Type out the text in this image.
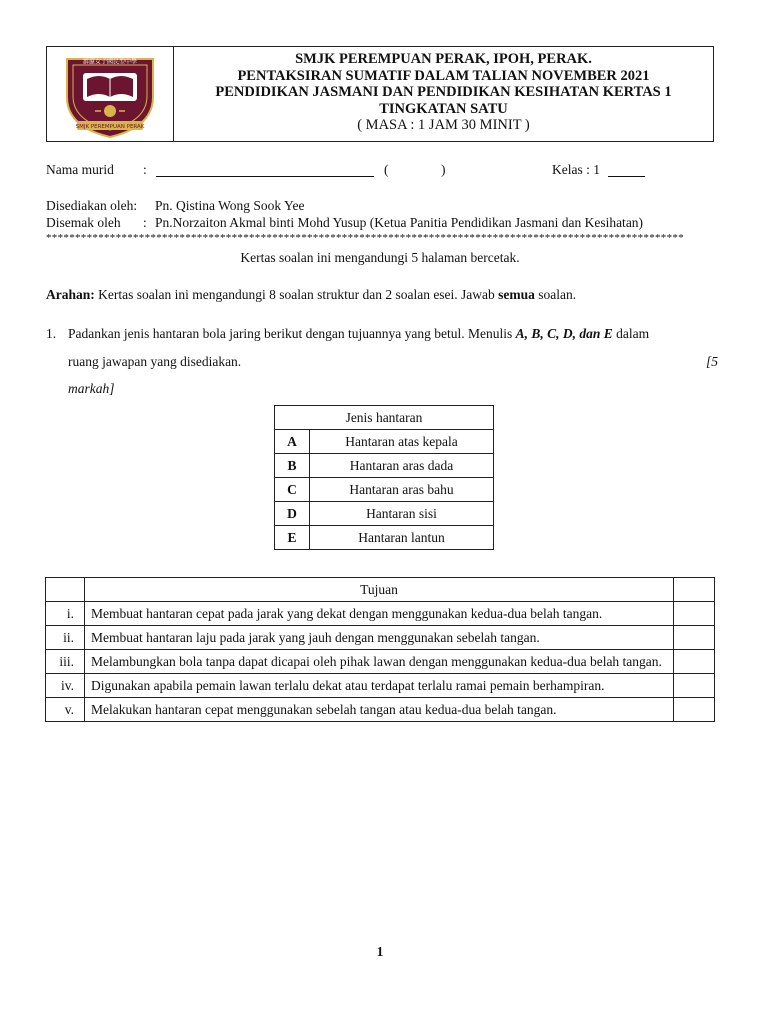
霹靂女子國民型中學
SMJK PEREMPUAN PERAK
SMJK PEREMPUAN PERAK, IPOH, PERAK.
PENTAKSIRAN SUMATIF DALAM TALIAN NOVEMBER 2021
PENDIDIKAN JASMANI DAN PENDIDIKAN KESIHATAN KERTAS 1
TINGKATAN SATU
( MASA : 1 JAM 30 MINIT )
Nama murid :	(	)	Kelas : 1
Disediakan oleh: Pn. Qistina Wong Sook Yee
Disemak oleh : Pn.Norzaiton Akmal binti Mohd Yusup (Ketua Panitia Pendidikan Jasmani dan Kesihatan)
**************************************************************************************************************
Kertas soalan ini mengandungi 5 halaman bercetak.
Arahan: Kertas soalan ini mengandungi 8 soalan struktur dan 2 soalan esei. Jawab semua soalan.
1. Padankan jenis hantaran bola jaring berikut dengan tujuannya yang betul. Menulis A, B, C, D, dan E dalam
ruang jawapan yang disediakan.	[5
markah]
Jenis hantaran	
A	Hantaran atas kepala
B	Hantaran aras dada
C	Hantaran aras bahu
D	Hantaran sisi
E	Hantaran lantun
	Tujuan	
i.	Membuat hantaran cepat pada jarak yang dekat dengan menggunakan kedua-dua belah tangan.	
ii.	Membuat hantaran laju pada jarak yang jauh dengan menggunakan sebelah tangan.	
iii.	Melambungkan bola tanpa dapat dicapai oleh pihak lawan dengan menggunakan kedua-dua belah tangan.	
iv.	Digunakan apabila pemain lawan terlalu dekat atau terdapat terlalu ramai pemain berhampiran.	
v.	Melakukan hantaran cepat menggunakan sebelah tangan atau kedua-dua belah tangan.	
1
